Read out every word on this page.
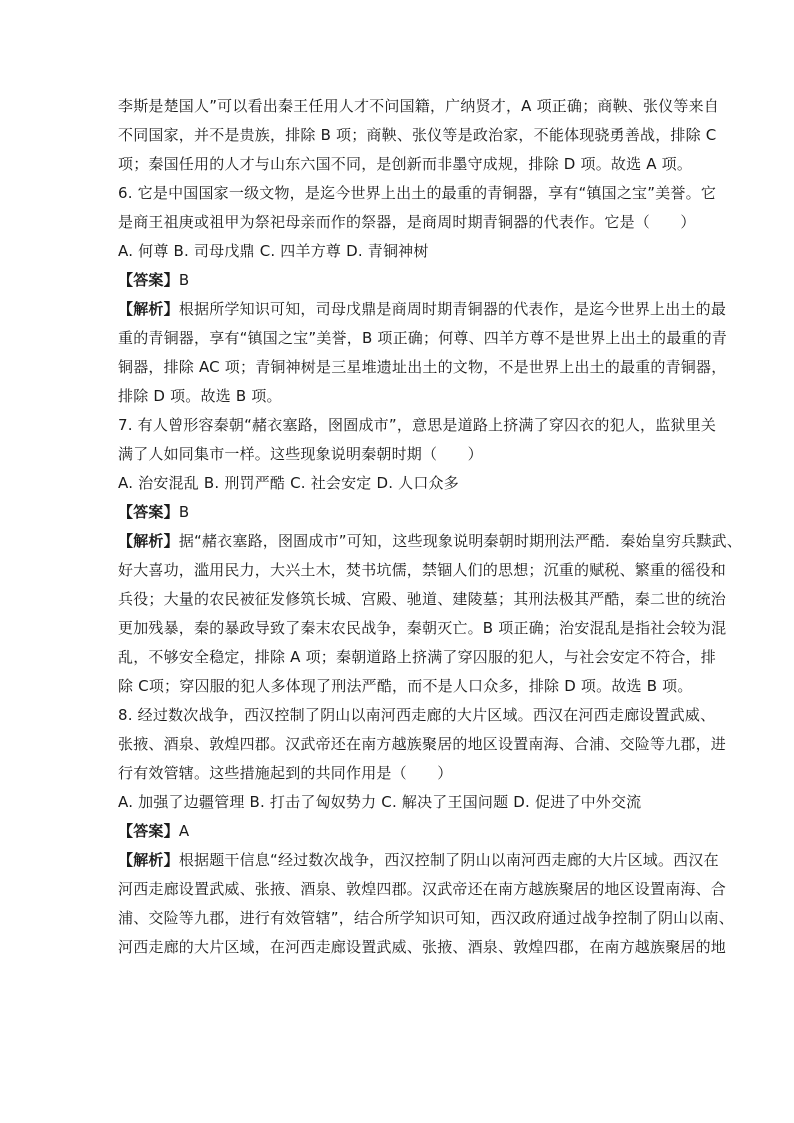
李斯是楚国人”可以看出秦王任用人才不问国籍，广纳贤才，A 项正确；商鞅、张仪等来自
不同国家，并不是贵族，排除 B 项；商鞅、张仪等是政治家，不能体现骁勇善战，排除 C
项；秦国任用的人才与山东六国不同，是创新而非墨守成规，排除 D 项。故选 A 项。
6. 它是中国国家一级文物，是迄今世界上出土的最重的青铜器，享有“镇国之宝”美誉。它
是商王祖庚或祖甲为祭祀母亲而作的祭器，是商周时期青铜器的代表作。它是（　　）
A. 何尊 B. 司母戊鼎 C. 四羊方尊 D. 青铜神树
【答案】B
【解析】根据所学知识可知，司母戊鼎是商周时期青铜器的代表作，是迄今世界上出土的最
重的青铜器，享有“镇国之宝”美誉，B 项正确；何尊、四羊方尊不是世界上出土的最重的青
铜器，排除 AC 项；青铜神树是三星堆遗址出土的文物，不是世界上出土的最重的青铜器，
排除 D 项。故选 B 项。
7. 有人曾形容秦朝“赭衣塞路，囹圄成市”，意思是道路上挤满了穿囚衣的犯人，监狱里关
满了人如同集市一样。这些现象说明秦朝时期（　　）
A. 治安混乱 B. 刑罚严酷 C. 社会安定 D. 人口众多
【答案】B
【解析】据“赭衣塞路，囹圄成市”可知，这些现象说明秦朝时期刑法严酷．秦始皇穷兵黩武、
好大喜功，滥用民力，大兴土木，焚书坑儒，禁锢人们的思想；沉重的赋税、繁重的徭役和
兵役；大量的农民被征发修筑长城、宫殿、驰道、建陵墓；其刑法极其严酷，秦二世的统治
更加残暴，秦的暴政导致了秦末农民战争，秦朝灭亡。B 项正确；治安混乱是指社会较为混
乱，不够安全稳定，排除 A 项；秦朝道路上挤满了穿囚服的犯人，与社会安定不符合，排
除 C项；穿囚服的犯人多体现了刑法严酷，而不是人口众多，排除 D 项。故选 B 项。
8. 经过数次战争，西汉控制了阴山以南河西走廊的大片区域。西汉在河西走廊设置武威、
张掖、酒泉、敦煌四郡。汉武帝还在南方越族聚居的地区设置南海、合浦、交险等九郡，进
行有效管辖。这些措施起到的共同作用是（　　）
A. 加强了边疆管理 B. 打击了匈奴势力 C. 解决了王国问题 D. 促进了中外交流
【答案】A
【解析】根据题干信息“经过数次战争，西汉控制了阴山以南河西走廊的大片区域。西汉在
河西走廊设置武威、张掖、酒泉、敦煌四郡。汉武帝还在南方越族聚居的地区设置南海、合
浦、交险等九郡，进行有效管辖”，结合所学知识可知，西汉政府通过战争控制了阴山以南、
河西走廊的大片区域，在河西走廊设置武威、张掖、酒泉、敦煌四郡，在南方越族聚居的地
